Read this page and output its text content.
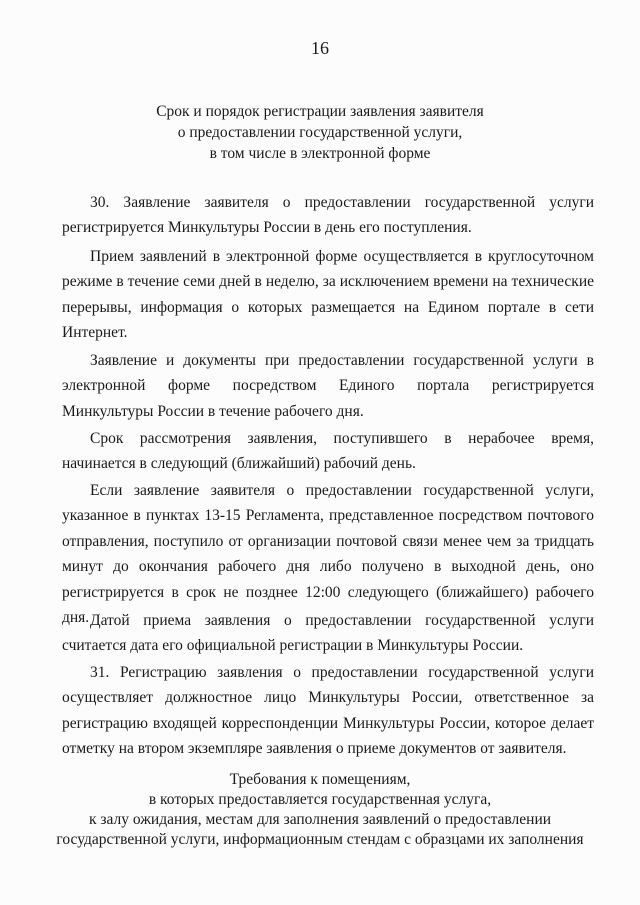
16
Срок и порядок регистрации заявления заявителя
о предоставлении государственной услуги,
в том числе в электронной форме

30. Заявление заявителя о предоставлении государственной услуги регистрируется Минкультуры России в день его поступления.

Прием заявлений в электронной форме осуществляется в круглосуточном режиме в течение семи дней в неделю, за исключением времени на технические перерывы, информация о которых размещается на Едином портале в сети Интернет.

Заявление и документы при предоставлении государственной услуги в электронной форме посредством Единого портала регистрируется Минкультуры России в течение рабочего дня.

Срок рассмотрения заявления, поступившего в нерабочее время, начинается в следующий (ближайший) рабочий день.

Если заявление заявителя о предоставлении государственной услуги, указанное в пунктах 13-15 Регламента, представленное посредством почтового отправления, поступило от организации почтовой связи менее чем за тридцать минут до окончания рабочего дня либо получено в выходной день, оно регистрируется в срок не позднее 12:00 следующего (ближайшего) рабочего дня. Датой приема заявления о предоставлении государственной услуги считается дата его официальной регистрации в Минкультуры России.

31. Регистрацию заявления о предоставлении государственной услуги осуществляет должностное лицо Минкультуры России, ответственное за регистрацию входящей корреспонденции Минкультуры России, которое делает отметку на втором экземпляре заявления о приеме документов от заявителя.

Требования к помещениям,
в которых предоставляется государственная услуга,
к залу ожидания, местам для заполнения заявлений о предоставлении
государственной услуги, информационным стендам с образцами их заполнения
